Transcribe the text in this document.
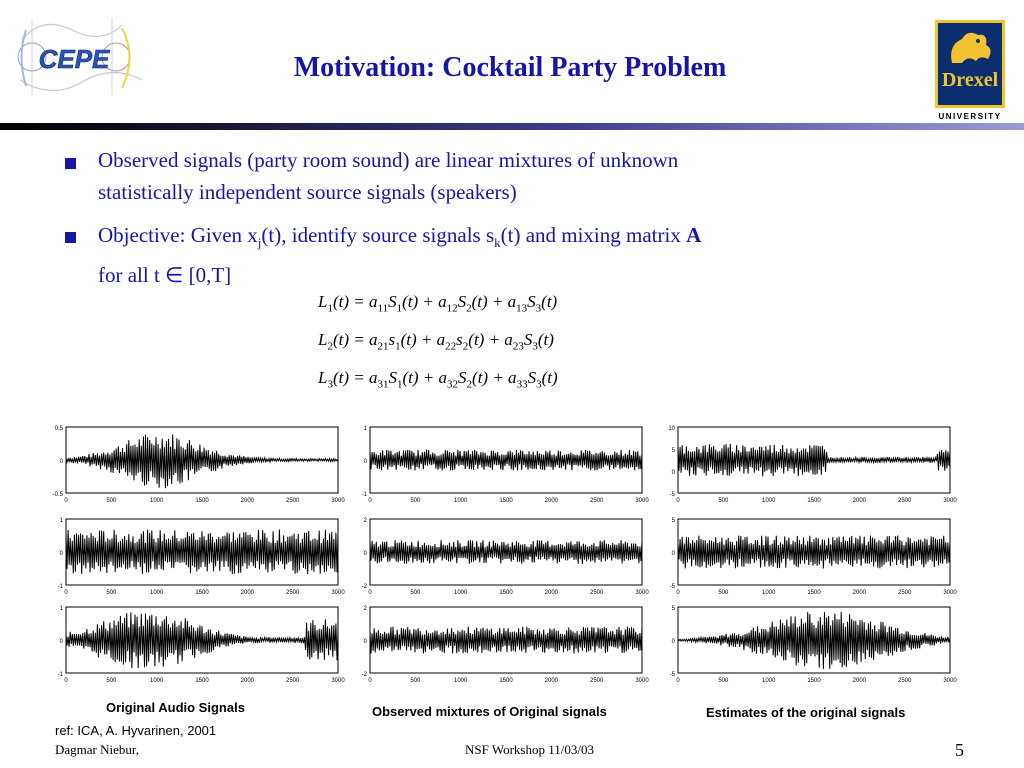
CEPE	Motivation: Cocktail Party Problem	Drexel
UNIVERSITY
Observed signals (party room sound) are linear mixtures of unknown
statistically independent source signals (speakers)
Objective: Given $x_j(t)$, identify source signals $s_k(t)$ and mixing matrix A
for all t ∈ [0,T]
$L_1(t) = a_{11}S_1(t) + a_{12}S_2(t) + a_{13}S_3(t)$
$L_2(t) = a_{21}s_1(t) + a_{22}s_2(t) + a_{23}S_3(t)$
$L_3(t) = a_{31}S_1(t) + a_{32}S_2(t) + a_{33}S_3(t)$
0	500	1000	1500	2000	2500	3000
0.5
0
-0.5
0	500	1000	1500	2000	2500	3000
1
0
-1
0	500	1000	1500	2000	2500	3000
1
0
-1
0	500	1000	1500	2000	2500	3000
1
0
-1
0	500	1000	1500	2000	2500	3000
2
0
-2
0	500	1000	1500	2000	2500	3000
2
0
-2
0	500	1000	1500	2000	2500	3000
10
5
0
-5
0	500	1000	1500	2000	2500	3000
5
0
-5
0	500	1000	1500	2000	2500	3000
5
0
-5
Original Audio Signals	Observed mixtures of Original signals	Estimates of the original signals
ref: ICA, A. Hyvarinen, 2001
Dagmar Niebur,	NSF Workshop 11/03/03	5
